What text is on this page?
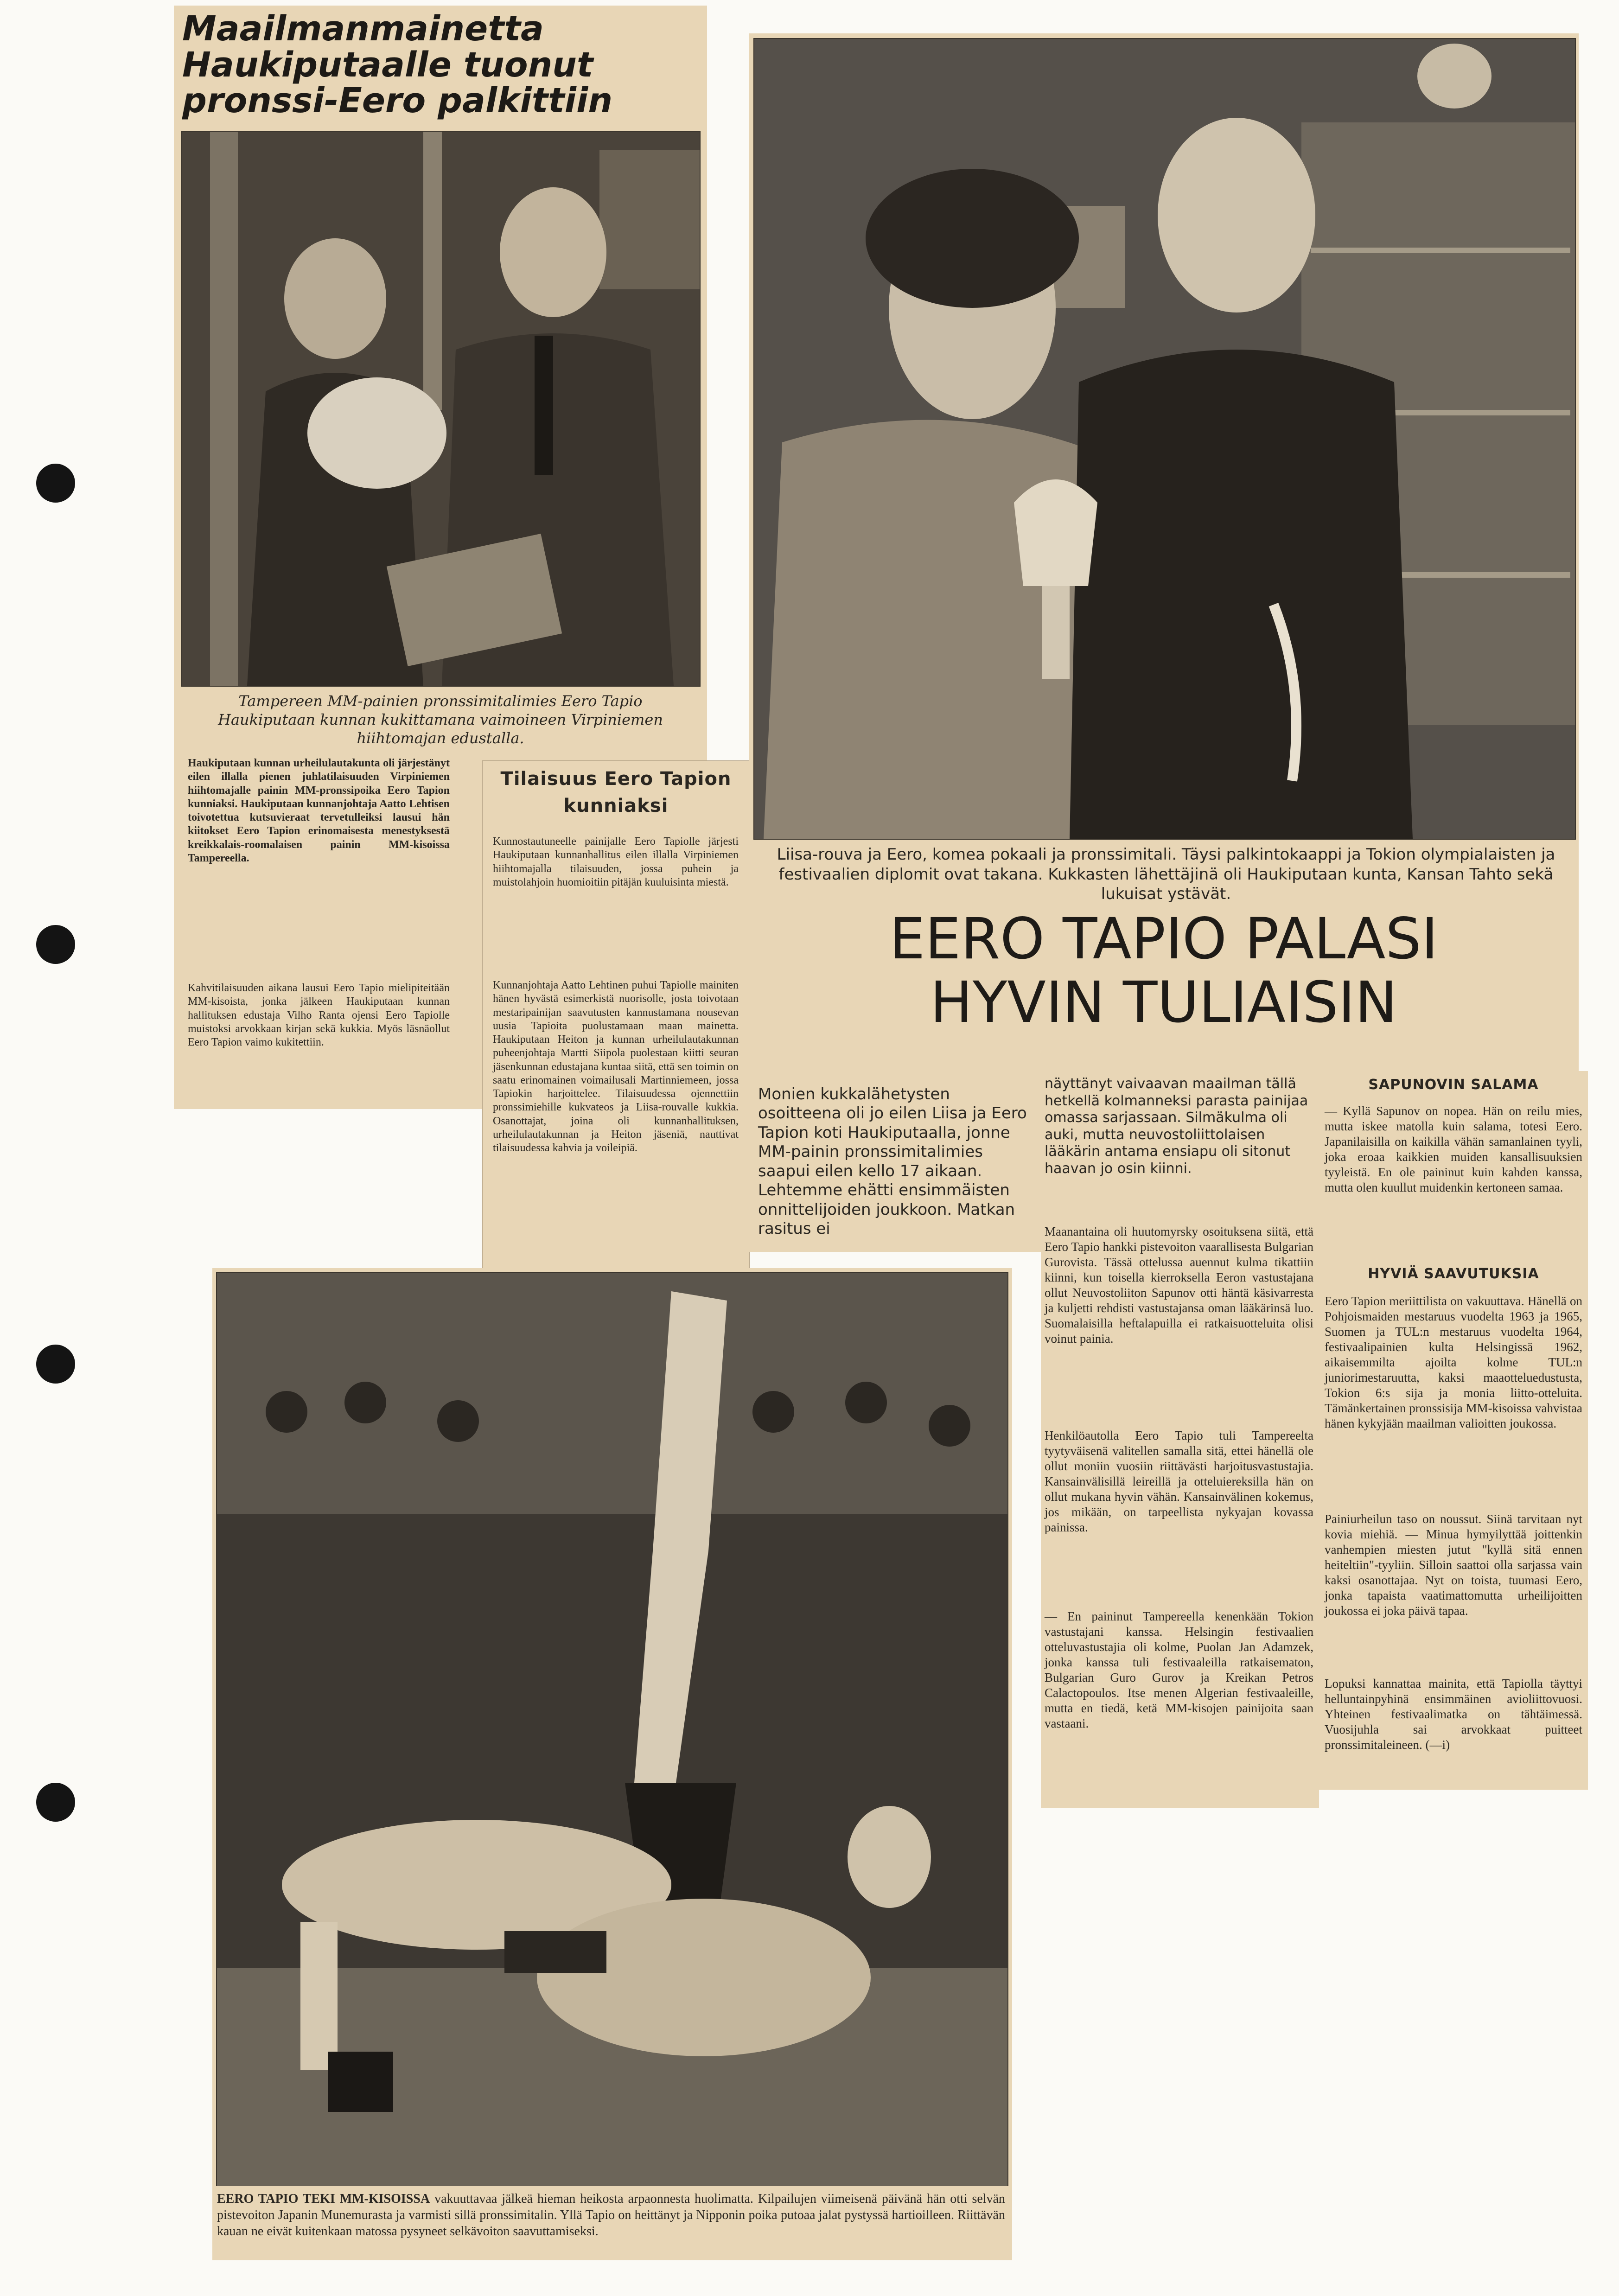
Maailmanmainetta Haukiputaalle tuonut pronssi-Eero palkittiin
Tampereen MM-painien pronssimitalimies Eero Tapio Haukiputaan kunnan kukittamana vaimoineen Virpiniemen hiihtomajan edustalla.
Haukiputaan kunnan urheilulautakunta oli järjestänyt eilen illalla pienen juhlatilaisuuden Virpiniemen hiihtomajalle painin MM-pronssipoika Eero Tapion kunniaksi. Haukiputaan kunnanjohtaja Aatto Lehtisen toivotettua kutsuvieraat tervetulleiksi lausui hän kiitokset Eero Tapion erinomaisesta menestyksestä kreikkalais-roomalaisen painin MM-kisoissa Tampereella.
Kahvitilaisuuden aikana lausui Eero Tapio mielipiteitään MM-kisoista, jonka jälkeen Haukiputaan kunnan hallituksen edustaja Vilho Ranta ojensi Eero Tapiolle muistoksi arvokkaan kirjan sekä kukkia. Myös läsnäollut Eero Tapion vaimo kukitettiin.
Tilaisuus Eero Tapion kunniaksi
Kunnostautuneelle painijalle Eero Tapiolle järjesti Haukiputaan kunnanhallitus eilen illalla Virpiniemen hiihtomajalla tilaisuuden, jossa puhein ja muistolahjoin huomioitiin pitäjän kuuluisinta miestä.
Kunnanjohtaja Aatto Lehtinen puhui Tapiolle mainiten hänen hyvästä esimerkistä nuorisolle, josta toivotaan mestaripainijan saavutusten kannustamana nousevan uusia Tapioita puolustamaan maan mainetta. Haukiputaan Heiton ja kunnan urheilulautakunnan puheenjohtaja Martti Siipola puolestaan kiitti seuran jäsenkunnan edustajana kuntaa siitä, että sen toimin on saatu erinomainen voimailusali Martinniemeen, jossa Tapiokin harjoittelee. Tilaisuudessa ojennettiin pronssimiehille kukvateos ja Liisa-rouvalle kukkia. Osanottajat, joina oli kunnanhallituksen, urheilulautakunnan ja Heiton jäseniä, nauttivat tilaisuudessa kahvia ja voileipiä.
Liisa-rouva ja Eero, komea pokaali ja pronssimitali. Täysi palkintokaappi ja Tokion olympialaisten ja festivaalien diplomit ovat takana. Kukkasten lähettäjinä oli Haukiputaan kunta, Kansan Tahto sekä lukuisat ystävät.
EERO TAPIO PALASI
HYVIN TULIAISIN
Monien kukkalähetysten osoitteena oli jo eilen Liisa ja Eero Tapion koti Haukiputaalla, jonne MM-painin pronssimitalimies saapui eilen kello 17 aikaan. Lehtemme ehätti ensimmäisten onnittelijoiden joukkoon. Matkan rasitus ei
näyttänyt vaivaavan maailman tällä hetkellä kolmanneksi parasta painijaa omassa sarjassaan. Silmäkulma oli auki, mutta neuvostoliittolaisen lääkärin antama ensiapu oli sitonut haavan jo osin kiinni.
Maanantaina oli huutomyrsky osoituksena siitä, että Eero Tapio hankki pistevoiton vaarallisesta Bulgarian Gurovista. Tässä ottelussa auennut kulma tikattiin kiinni, kun toisella kierroksella Eeron vastustajana ollut Neuvostoliiton Sapunov otti häntä käsivarresta ja kuljetti rehdisti vastustajansa oman lääkärinsä luo. Suomalaisilla heftalapuilla ei ratkaisuotteluita olisi voinut painia.
Henkilöautolla Eero Tapio tuli Tampereelta tyytyväisenä valitellen samalla sitä, ettei hänellä ole ollut moniin vuosiin riittävästi harjoitusvastustajia. Kansainvälisillä leireillä ja otteluiereksilla hän on ollut mukana hyvin vähän. Kansainvälinen kokemus, jos mikään, on tarpeellista nykyajan kovassa painissa.
— En paininut Tampereella kenenkään Tokion vastustajani kanssa. Helsingin festivaalien otteluvastustajia oli kolme, Puolan Jan Adamzek, jonka kanssa tuli festivaaleilla ratkaisematon, Bulgarian Guro Gurov ja Kreikan Petros Calactopoulos. Itse menen Algerian festivaaleille, mutta en tiedä, ketä MM-kisojen painijoita saan vastaani.
SAPUNOVIN SALAMA
— Kyllä Sapunov on nopea. Hän on reilu mies, mutta iskee matolla kuin salama, totesi Eero. Japanilaisilla on kaikilla vähän samanlainen tyyli, joka eroaa kaikkien muiden kansallisuuksien tyyleistä. En ole paininut kuin kahden kanssa, mutta olen kuullut muidenkin kertoneen samaa.
HYVIÄ SAAVUTUKSIA
Eero Tapion meriittilista on vakuuttava. Hänellä on Pohjoismaiden mestaruus vuodelta 1963 ja 1965, Suomen ja TUL:n mestaruus vuodelta 1964, festivaalipainien kulta Helsingissä 1962, aikaisemmilta ajoilta kolme TUL:n juniorimestaruutta, kaksi maaotteluedustusta, Tokion 6:s sija ja monia liitto-otteluita. Tämänkertainen pronssisija MM-kisoissa vahvistaa hänen kykyjään maailman valioitten joukossa.
Painiurheilun taso on noussut. Siinä tarvitaan nyt kovia miehiä. — Minua hymyilyttää joittenkin vanhempien miesten jutut "kyllä sitä ennen heiteltiin"-tyyliin. Silloin saattoi olla sarjassa vain kaksi osanottajaa. Nyt on toista, tuumasi Eero, jonka tapaista vaatimattomutta urheilijoitten joukossa ei joka päivä tapaa.
Lopuksi kannattaa mainita, että Tapiolla täyttyi helluntainpyhinä ensimmäinen avioliittovuosi. Yhteinen festivaalimatka on tähtäimessä. Vuosijuhla sai arvokkaat puitteet pronssimitaleineen. (—i)
EERO TAPIO TEKI MM-KISOISSA vakuuttavaa jälkeä hieman heikosta arpaonnesta huolimatta. Kilpailujen viimeisenä päivänä hän otti selvän pistevoiton Japanin Munemurasta ja varmisti sillä pronssimitalin. Yllä Tapio on heittänyt ja Nipponin poika putoaa jalat pystyssä hartioilleen. Riittävän kauan ne eivät kuitenkaan matossa pysyneet selkävoiton saavuttamiseksi.
